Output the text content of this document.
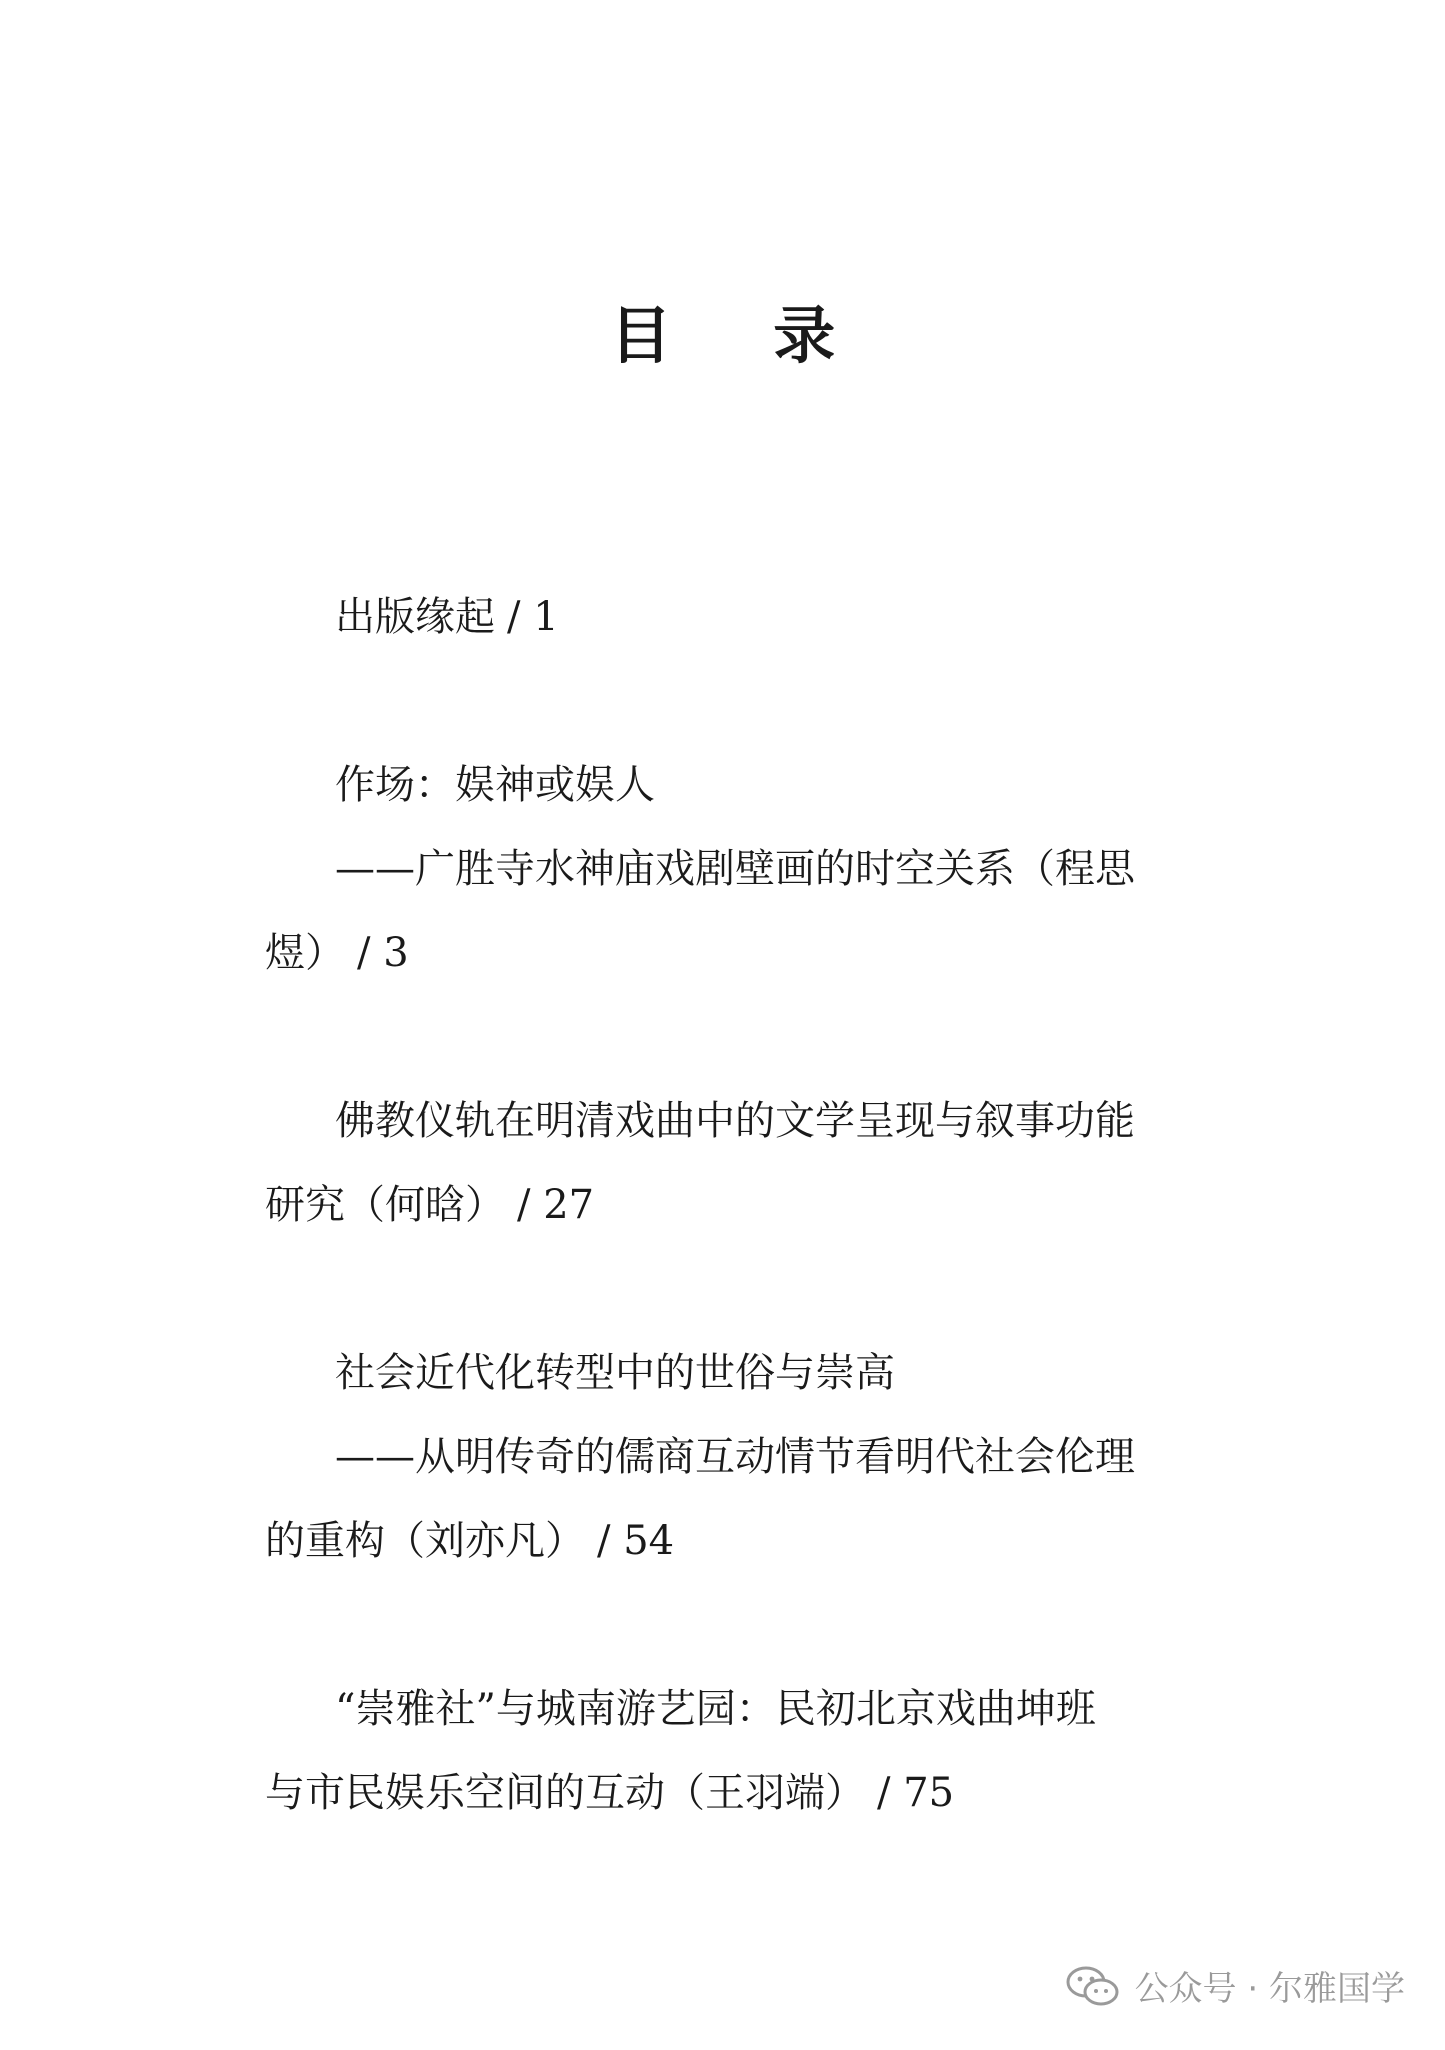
目 录
出版缘起 / 1
作场：娱神或娱人
——广胜寺水神庙戏剧壁画的时空关系（程思
煜） / 3
佛教仪轨在明清戏曲中的文学呈现与叙事功能
研究（何晗） / 27
社会近代化转型中的世俗与崇高
——从明传奇的儒商互动情节看明代社会伦理
的重构（刘亦凡） / 54
“崇雅社”与城南游艺园：民初北京戏曲坤班
与市民娱乐空间的互动（王羽端） / 75
公众号 · 尔雅国学
